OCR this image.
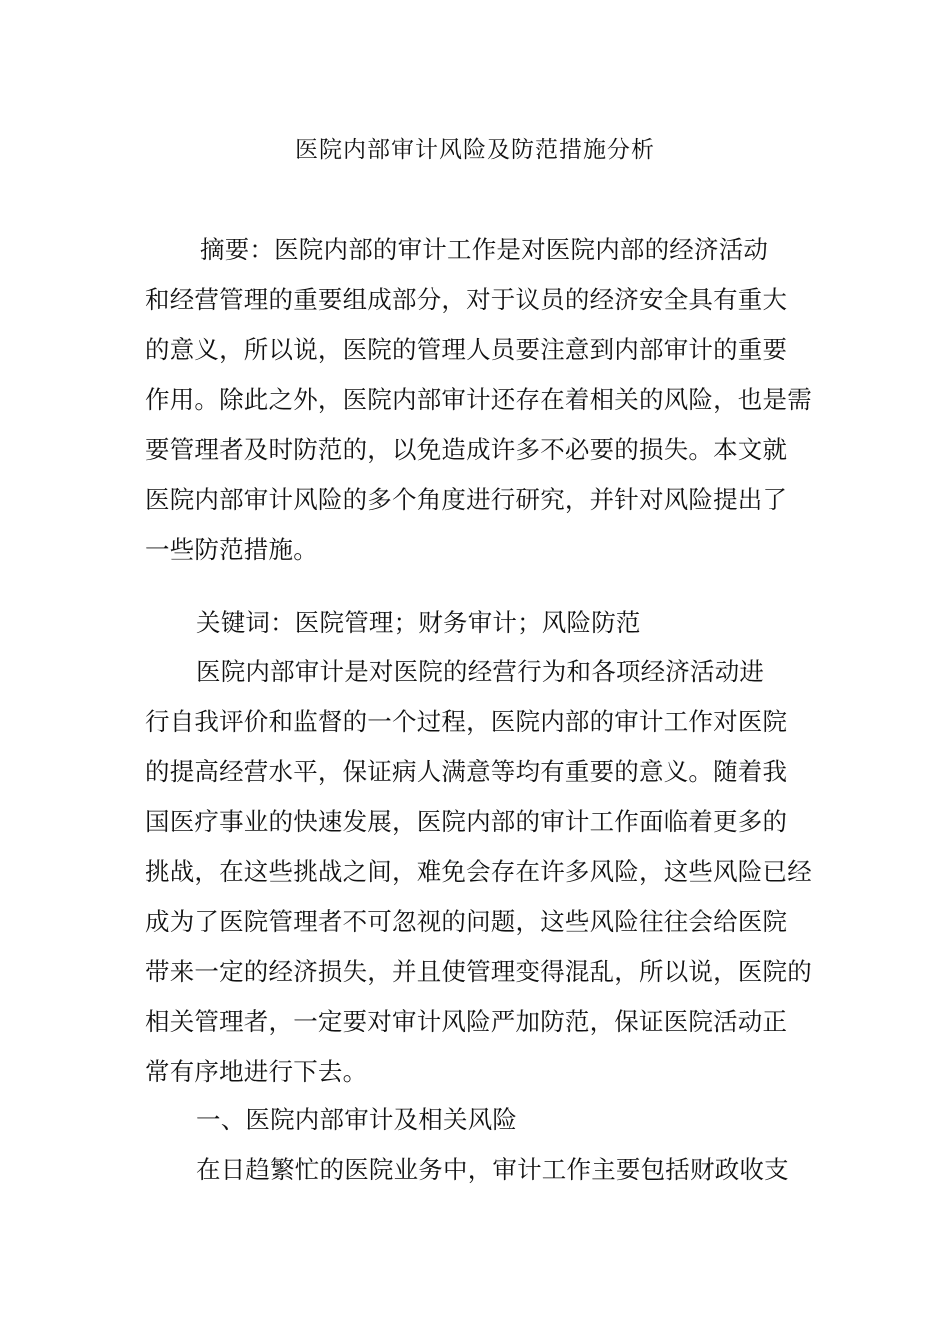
医院内部审计风险及防范措施分析
摘要：医院内部的审计工作是对医院内部的经济活动
和经营管理的重要组成部分，对于议员的经济安全具有重大
的意义，所以说，医院的管理人员要注意到内部审计的重要
作用。除此之外，医院内部审计还存在着相关的风险，也是需
要管理者及时防范的，以免造成许多不必要的损失。本文就
医院内部审计风险的多个角度进行研究，并针对风险提出了
一些防范措施。
关键词：医院管理；财务审计；风险防范
医院内部审计是对医院的经营行为和各项经济活动进
行自我评价和监督的一个过程，医院内部的审计工作对医院
的提高经营水平，保证病人满意等均有重要的意义。随着我
国医疗事业的快速发展，医院内部的审计工作面临着更多的
挑战，在这些挑战之间，难免会存在许多风险，这些风险已经
成为了医院管理者不可忽视的问题，这些风险往往会给医院
带来一定的经济损失，并且使管理变得混乱，所以说，医院的
相关管理者，一定要对审计风险严加防范，保证医院活动正
常有序地进行下去。
一、医院内部审计及相关风险
在日趋繁忙的医院业务中，审计工作主要包括财政收支
